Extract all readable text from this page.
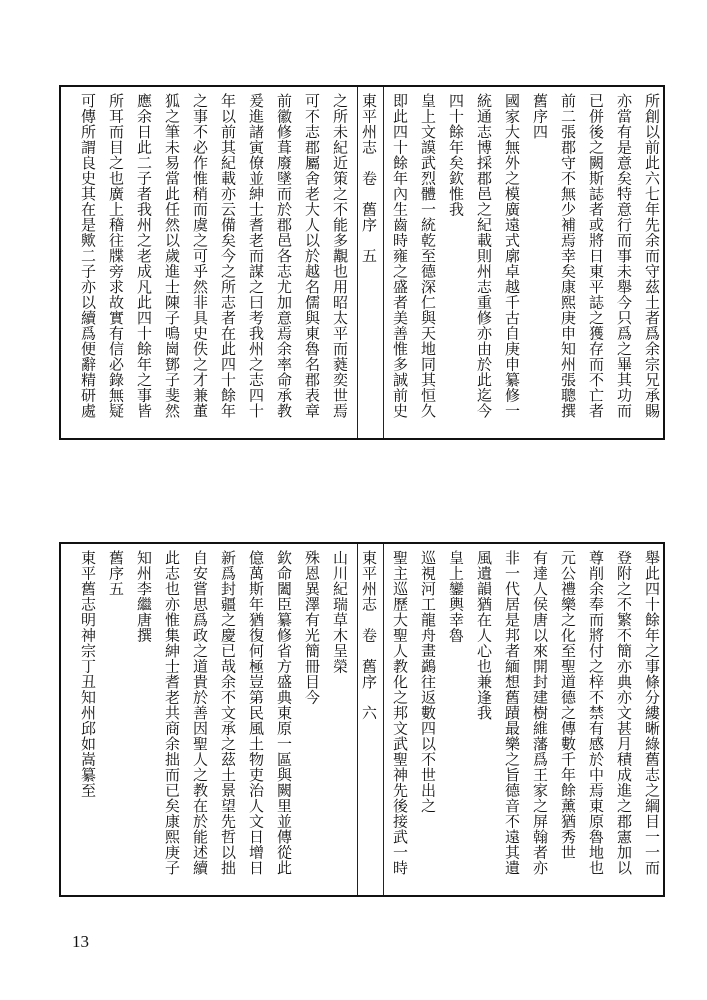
所創以前此六七年先余而守茲土者爲余宗兄承賜
亦當有是意矣特意行而事未舉今只爲之畢其功而
已併後之闕斯誌者或將日東平誌之獲存而不亡者
前二張郡守不無少補焉幸矣康熙庚申知州張聰撰
舊序四
國家大無外之模廣遠式廓卓越千古自庚申纂修一
統通志博採郡邑之紀載則州志重修亦由於此迄今
四十餘年矣欽惟我
皇上文謨武烈體一統乾至德深仁與天地同其恒久
即此四十餘年內生齒時雍之盛者美善惟多誠前史
東平州志　卷　舊序　五
之所未紀近策之不能多覯也用昭太平而蕤奕世焉
可不志郡屬舍老大人以於越名儒與東魯名郡表章
前徽修葺廢墜而於郡邑各志尤加意焉余率命承教
爰進諸寅僚並紳士耆老而謀之曰考我州之志四十
年以前其紀載亦云備矣今之所志者在此四十餘年
之事不必作惟稍而虞之可乎然非具史佚之才兼董
狐之筆未易當此任然以歲進士陳子鳴崗鄧子斐然
應余日此二子者我州之老成凡此四十餘年之事皆
所耳而目之也廣上稽往牒旁求故實有信必錄無疑
可傳所謂良史其在是歟二子亦以續爲便辭精研處
舉此四十餘年之事條分縷晰綠舊志之綱目一一而
登附之不繁不簡亦典亦文甚月積成進之郡憲加以
尊削余奉而將付之梓不禁有感於中焉東原魯地也
元公禮樂之化至聖道德之傳數千年餘薰猶秀世
有達人侯唐以來開封建樹維藩爲王家之屏翰者亦
非一代居是邦者緬想舊蹟最樂之旨德音不遠其遺
風遺韻猶在人心也兼逢我
皇上鑾輿幸魯
巡視河工龍舟畫鷁往返數四以不世出之
聖主巡歷大聖人教化之邦文武聖神先後接武一時
東平州志　卷　舊序　六
山川紀瑞草木呈榮
殊恩異澤有光簡冊目今
欽命闔臣纂修省方盛典東原一區與闕里並傳從此
億萬斯年猶復何極豈第民風土物吏治人文日增日
新爲封疆之慶已哉余不文承之茲土景望先哲以拙
自安嘗思爲政之道貴於善因聖人之教在於能述續
此志也亦惟集紳士耆老共商余拙而已矣康熙庚子
知州李繼唐撰
舊序五
東平舊志明神宗丁丑知州邱如嵩纂至
13
